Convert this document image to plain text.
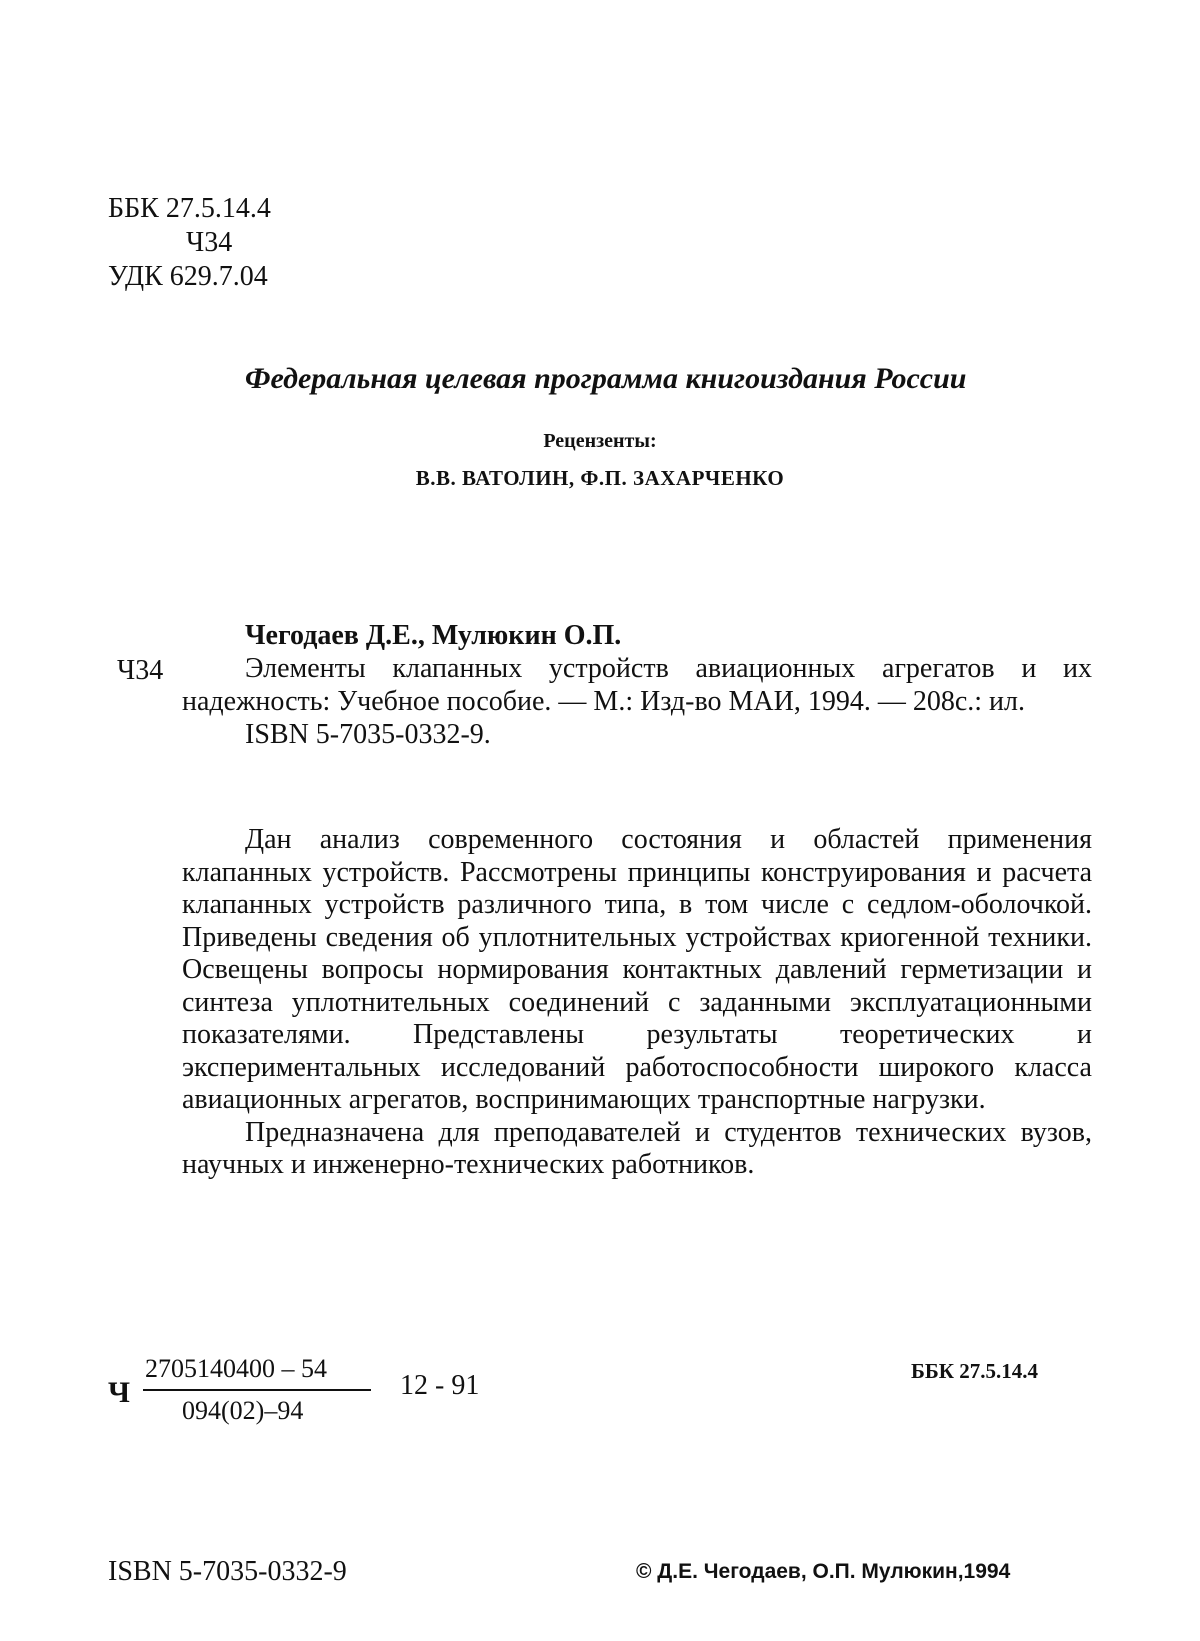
ББК 27.5.14.4
Ч34
УДК 629.7.04
Федеральная целевая программа книгоиздания России
Рецензенты:
В.В. ВАТОЛИН, Ф.П. ЗАХАРЧЕНКО
Чегодаев Д.Е., Мулюкин О.П.
Ч34	Элементы клапанных устройств авиационных агрегатов и их надежность: Учебное пособие. — М.: Изд-во МАИ, 1994. — 208с.: ил.

ISBN 5-7035-0332-9.

Дан анализ современного состояния и областей применения клапанных устройств. Рассмотрены принципы конструирования и расчета клапанных устройств различного типа, в том числе с седлом-оболочкой. Приведены сведения об уплотнительных устройствах криогенной техники. Освещены вопросы нормирования контактных давлений герметизации и синтеза уплотнительных соединений с заданными эксплуатационными показателями. Представлены результаты теоретических и экспериментальных исследований работоспособности широкого класса авиационных агрегатов, воспринимающих транспортные нагрузки.

Предназначена для преподавателей и студентов технических вузов, научных и инженерно-технических работников.

Ч
2705140400 – 54
094(02)–94
12 - 91	ББК 27.5.14.4
ISBN 5-7035-0332-9	© Д.Е. Чегодаев, О.П. Мулюкин,1994
